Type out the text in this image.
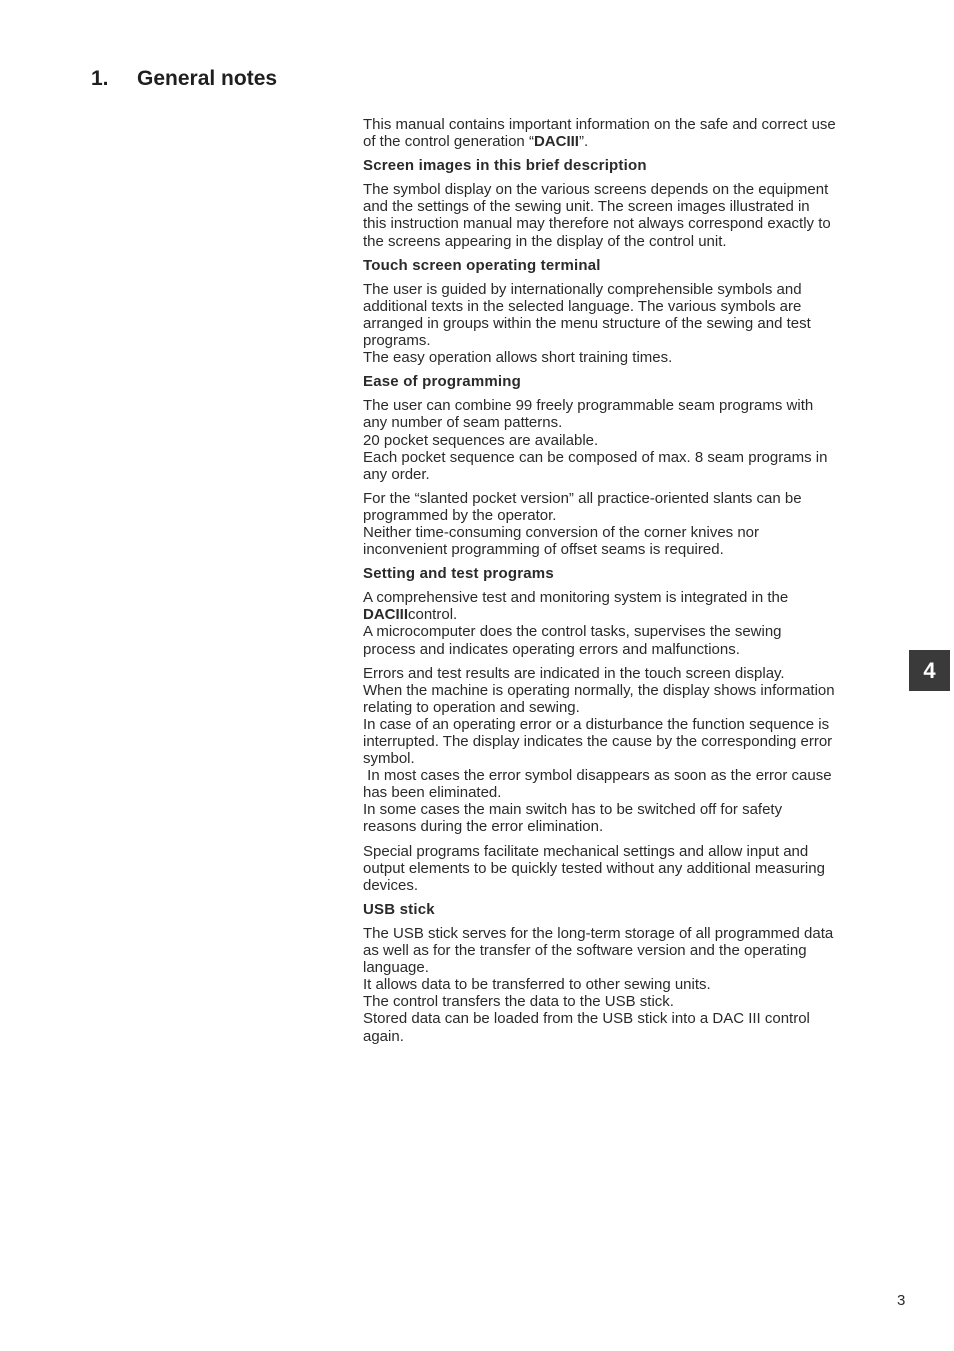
1. General notes

This manual contains important information on the safe and correct use
of the control generation “DACIII”.

Screen images in this brief description

The symbol display on the various screens depends on the equipment
and the settings of the sewing unit. The screen images illustrated in
this instruction manual may therefore not always correspond exactly to
the screens appearing in the display of the control unit.

Touch screen operating terminal

The user is guided by internationally comprehensible symbols and
additional texts in the selected language. The various symbols are
arranged in groups within the menu structure of the sewing and test
programs.
The easy operation allows short training times.

Ease of programming

The user can combine 99 freely programmable seam programs with
any number of seam patterns.
20 pocket sequences are available.
Each pocket sequence can be composed of max. 8 seam programs in
any order.

For the “slanted pocket version” all practice-oriented slants can be
programmed by the operator.
Neither time-consuming conversion of the corner knives nor
inconvenient programming of offset seams is required.

Setting and test programs

A comprehensive test and monitoring system is integrated in the
DACIIIcontrol.
A microcomputer does the control tasks, supervises the sewing
process and indicates operating errors and malfunctions.

Errors and test results are indicated in the touch screen display.
When the machine is operating normally, the display shows information
relating to operation and sewing.
In case of an operating error or a disturbance the function sequence is
interrupted. The display indicates the cause by the corresponding error
symbol.
In most cases the error symbol disappears as soon as the error cause
has been eliminated.
In some cases the main switch has to be switched off for safety
reasons during the error elimination.

Special programs facilitate mechanical settings and allow input and
output elements to be quickly tested without any additional measuring
devices.

USB stick

The USB stick serves for the long-term storage of all programmed data
as well as for the transfer of the software version and the operating
language.
It allows data to be transferred to other sewing units.
The control transfers the data to the USB stick.
Stored data can be loaded from the USB stick into a DAC III control
again.

4
3
